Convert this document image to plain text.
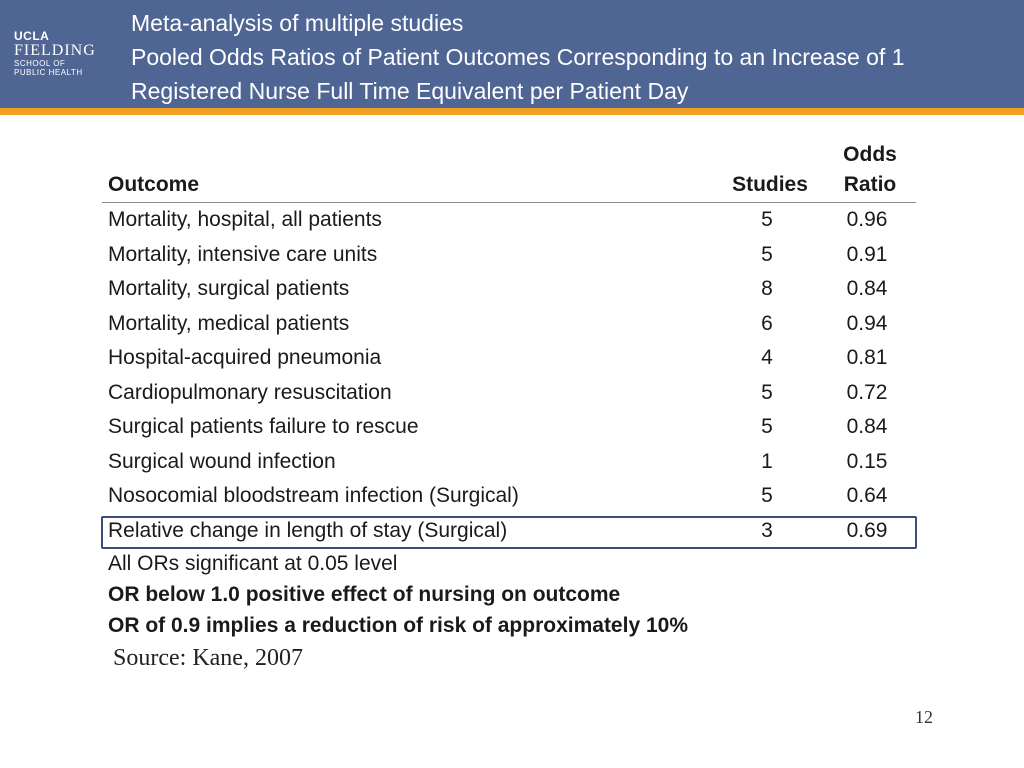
UCLA
FIELDING
SCHOOL OF
PUBLIC HEALTH
Meta-analysis of multiple studies
Pooled Odds Ratios of Patient Outcomes Corresponding to an Increase of 1
Registered Nurse Full Time Equivalent per Patient Day
Outcome	Studies	Odds
Ratio
Mortality, hospital, all patients	5	0.96
Mortality, intensive care units	5	0.91
Mortality, surgical patients	8	0.84
Mortality, medical patients	6	0.94
Hospital-acquired pneumonia	4	0.81
Cardiopulmonary resuscitation	5	0.72
Surgical patients failure to rescue	5	0.84
Surgical wound infection	1	0.15
Nosocomial bloodstream infection (Surgical)	5	0.64
Relative change in length of stay (Surgical)	3	0.69
All ORs significant at 0.05 level
OR below 1.0 positive effect of nursing on outcome
OR of 0.9 implies a reduction of risk of approximately 10%
Source: Kane, 2007
12
